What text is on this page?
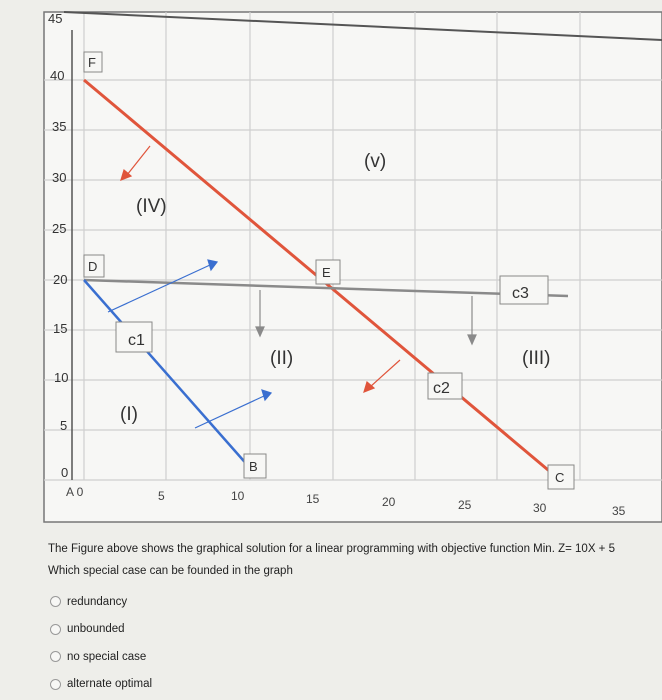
45
40
35
30
25
20
15
10
5
0
A 0	5	10	15	20	25	30	35
F
D	E
B
C
c1
c2
c3
(IV)
(v)
(II)	(III)
(I)
The Figure above shows the graphical solution for a linear programming with objective function Min. Z= 10X + 5
Which special case can be founded in the graph
redundancy
unbounded
no special case
alternate optimal
